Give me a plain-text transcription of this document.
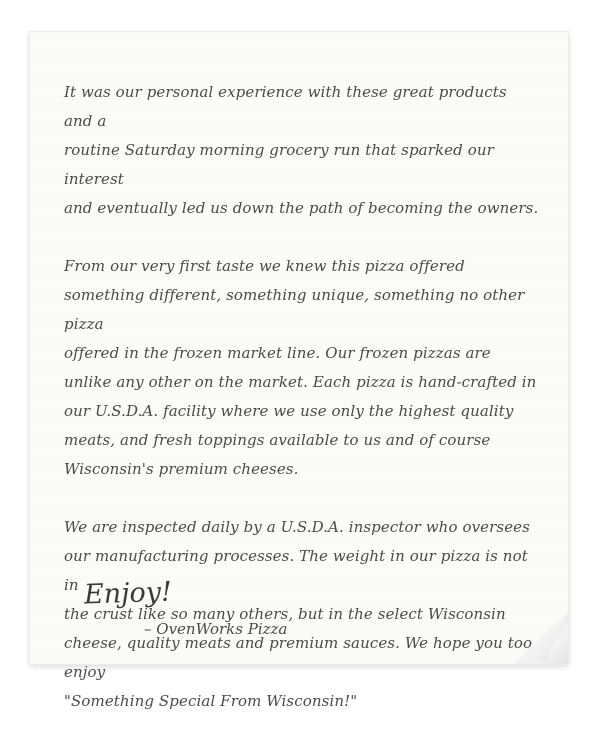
It was our personal experience with these great products and a
routine Saturday morning grocery run that sparked our interest
and eventually led us down the path of becoming the owners.

From our very first taste we knew this pizza offered
something different, something unique, something no other pizza
offered in the frozen market line. Our frozen pizzas are
unlike any other on the market. Each pizza is hand-crafted in
our U.S.D.A. facility where we use only the highest quality
meats, and fresh toppings available to us and of course
Wisconsin's premium cheeses.

We are inspected daily by a U.S.D.A. inspector who oversees
our manufacturing processes. The weight in our pizza is not in
the crust like so many others, but in the select Wisconsin
cheese, quality meats and premium sauces. We hope you too enjoy
"Something Special From Wisconsin!"

Enjoy!
– OvenWorks Pizza
